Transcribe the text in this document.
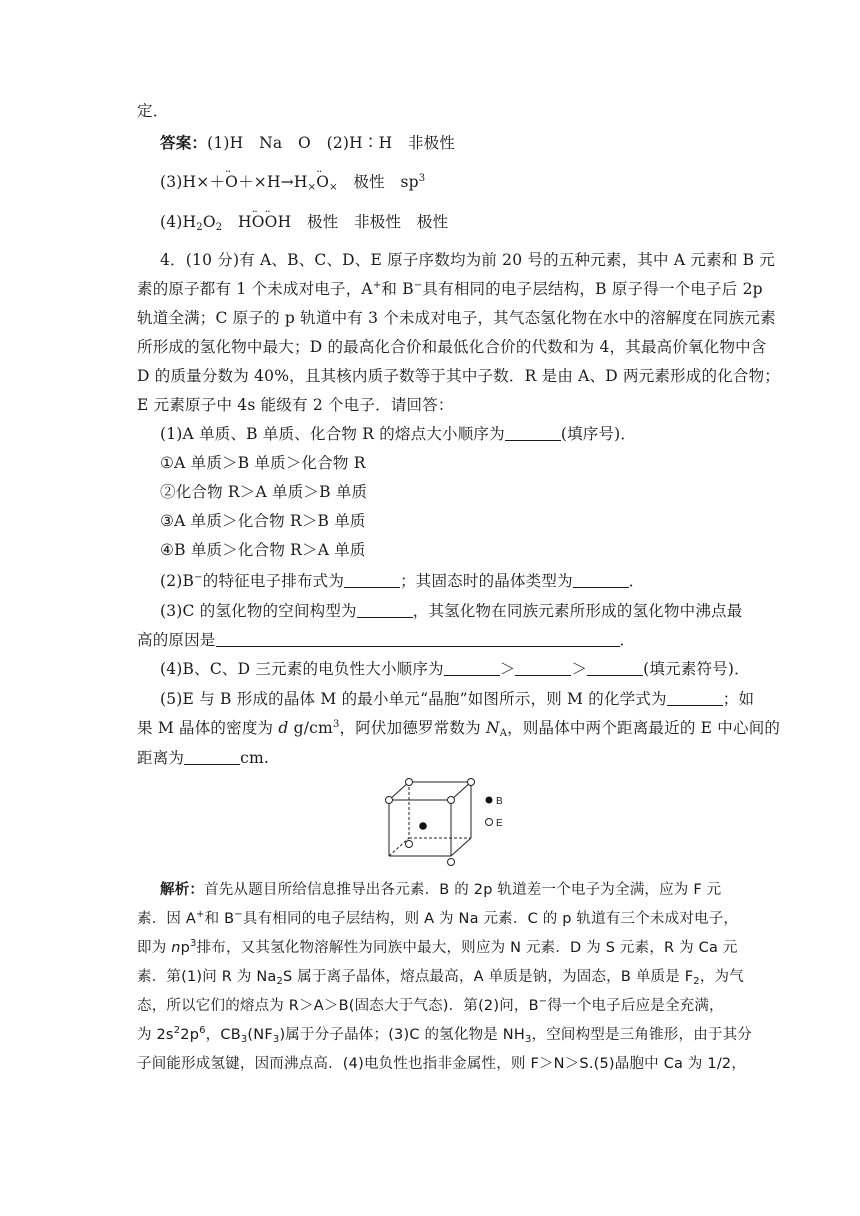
定．
答案：(1)H　Na　O　(2)H∶H　非极性
$(3)H\times+\cdot\cdot O+\times H\to H_\times\cdot\cdot O_\times$　极性　$sp^3$
$(4)H_2O_2$　H·· O·· OH　极性　非极性　极性
4．(10 分)有 A、B、C、D、E 原子序数均为前 20 号的五种元素，其中 A 元素和 B 元
素的原子都有 1 个未成对电子，A+和 B−具有相同的电子层结构，B 原子得一个电子后 2p
轨道全满；C 原子的 p 轨道中有 3 个未成对电子，其气态氢化物在水中的溶解度在同族元素
所形成的氢化物中最大；D 的最高化合价和最低化合价的代数和为 4，其最高价氧化物中含
D 的质量分数为 40%，且其核内质子数等于其中子数．R 是由 A、D 两元素形成的化合物；
E 元素原子中 4s 能级有 2 个电子．请回答：
(1)A 单质、B 单质、化合物 R 的熔点大小顺序为	(填序号)．
①A 单质＞B 单质＞化合物 R
②化合物 R＞A 单质＞B 单质
③A 单质＞化合物 R＞B 单质
④B 单质＞化合物 R＞A 单质
(2)B−的特征电子排布式为	；其固态时的晶体类型为	．
(3)C 的氢化物的空间构型为	，其氢化物在同族元素所形成的氢化物中沸点最
高的原因是	．
(4)B、C、D 三元素的电负性大小顺序为	＞	＞	(填元素符号)．
(5)E 与 B 形成的晶体 M 的最小单元“晶胞”如图所示，则 M 的化学式为	；如
果 M 晶体的密度为 d $g/cm^3$，阿伏加德罗常数为 $N_A$，则晶体中两个距离最近的 E 中心间的
距离为	cm.
B
E
解析：首先从题目所给信息推导出各元素．B 的 2p 轨道差一个电子为全满，应为 F 元
素．因 A+和 B−具有相同的电子层结构，则 A 为 Na 元素．C 的 p 轨道有三个未成对电子，
即为 $np^3$排布，又其氢化物溶解性为同族中最大，则应为 N 元素．D 为 S 元素，R 为 Ca 元
素．第(1)问 R 为 $Na_2S$ 属于离子晶体，熔点最高，A 单质是钠，为固态，B 单质是 $F_2$，为气
态，所以它们的熔点为 R＞A＞B(固态大于气态)．第(2)问，B−得一个电子后应是全充满，
为 $2s^22p^6$，$CB_3(NF_3)$属于分子晶体；(3)C 的氢化物是 $NH_3$，空间构型是三角锥形，由于其分
子间能形成氢键，因而沸点高．(4)电负性也指非金属性，则 F＞N＞S.(5)晶胞中 Ca 为 1/2，
